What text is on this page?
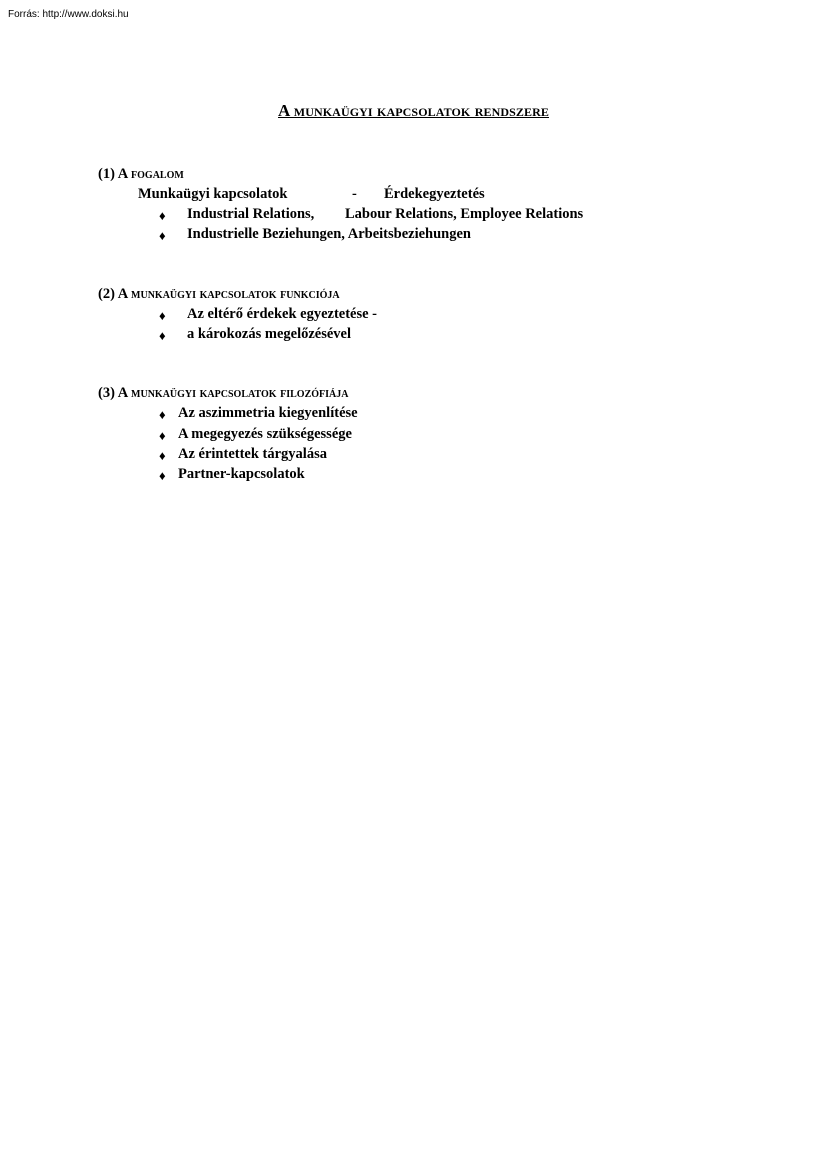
Forrás: http://www.doksi.hu
A munkaügyi kapcsolatok rendszere
(1) A fogalom
Munkaügyi kapcsolatok	- Érdekegyeztetés
♦ Industrial Relations, Labour Relations, Employee Relations
♦ Industrielle Beziehungen, Arbeitsbeziehungen
(2) A munkaügyi kapcsolatok funkciója
♦ Az eltérő érdekek egyeztetése -
♦ a károkozás megelőzésével
(3) A munkaügyi kapcsolatok filozófiája
♦ Az aszimmetria kiegyenlítése
♦ A megegyezés szükségessége
♦ Az érintettek tárgyalása
♦ Partner-kapcsolatok
